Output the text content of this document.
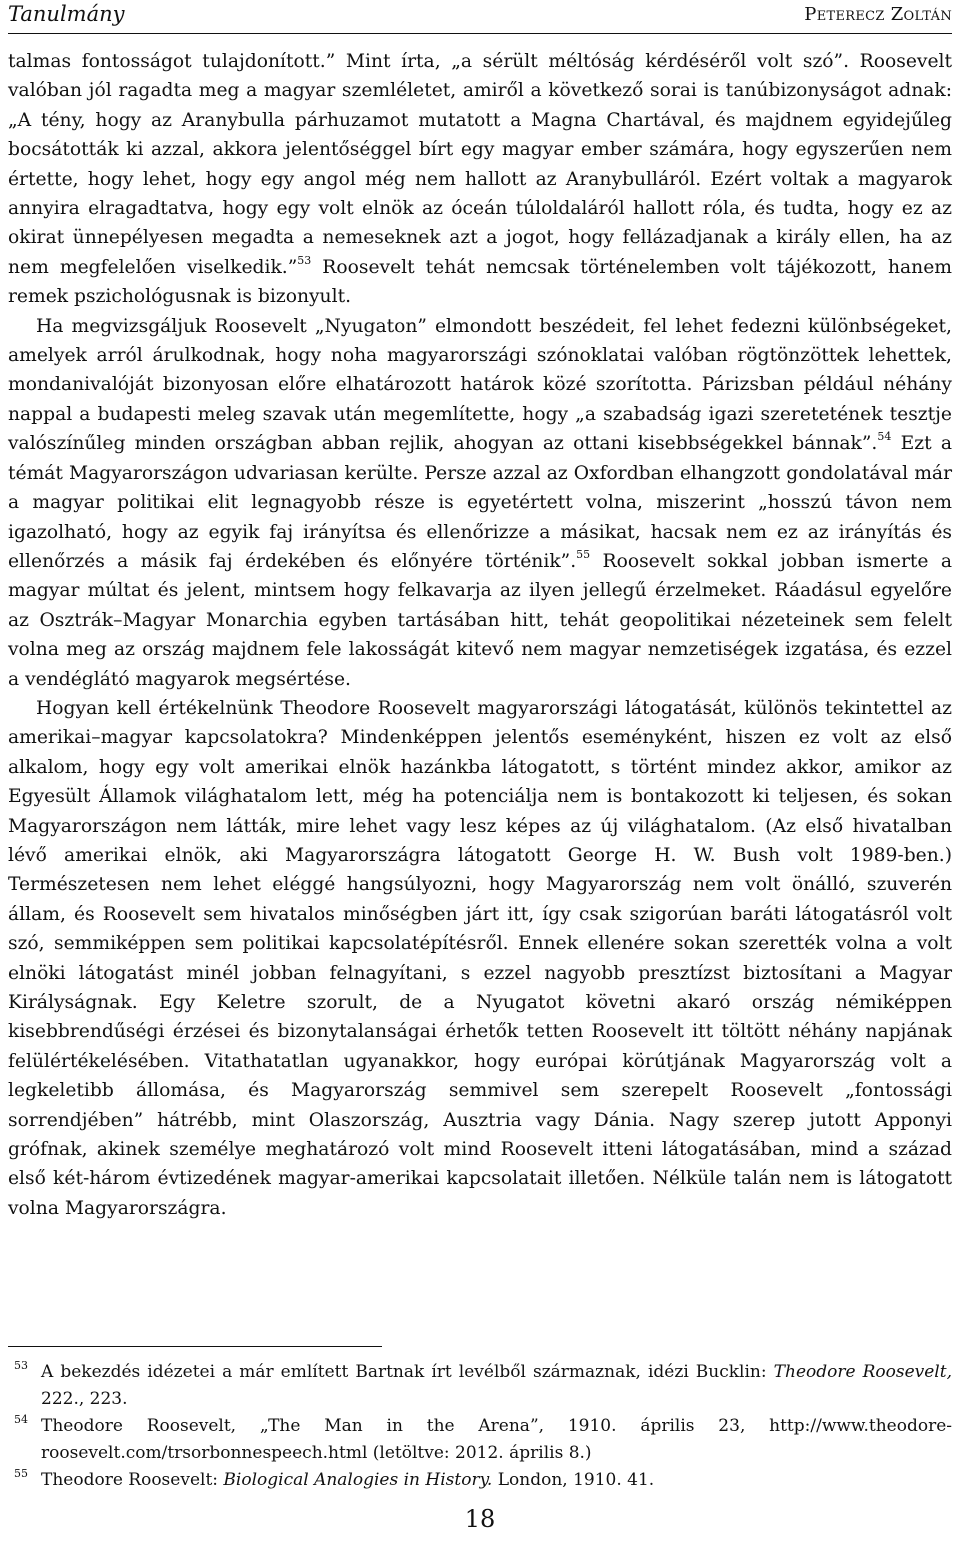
Tanulmány	Peterecz Zoltán

talmas fontosságot tulajdonított.” Mint írta, „a sérült méltóság kérdéséről volt szó”. Roosevelt valóban jól ragadta meg a magyar szemléletet, amiről a következő sorai is tanúbizonyságot adnak: „A tény, hogy az Aranybulla párhuzamot mutatott a Magna Chartával, és majdnem egyidejűleg bocsátották ki azzal, akkora jelentőséggel bírt egy magyar ember számára, hogy egyszerűen nem értette, hogy lehet, hogy egy angol még nem hallott az Aranybulláról. Ezért voltak a magyarok annyira elragadtatva, hogy egy volt elnök az óceán túloldaláról hallott róla, és tudta, hogy ez az okirat ünnepélyesen megadta a nemeseknek azt a jogot, hogy fellázadjanak a király ellen, ha az nem megfelelően viselkedik.”$^{53}$ Roosevelt tehát nemcsak történelemben volt tájékozott, hanem remek pszichológusnak is bizonyult.

Ha megvizsgáljuk Roosevelt „Nyugaton” elmondott beszédeit, fel lehet fedezni különbségeket, amelyek arról árulkodnak, hogy noha magyarországi szónoklatai valóban rögtönzöttek lehettek, mondanivalóját bizonyosan előre elhatározott határok közé szorította. Párizsban például néhány nappal a budapesti meleg szavak után megemlítette, hogy „a szabadság igazi szeretetének tesztje valószínűleg minden országban abban rejlik, ahogyan az ottani kisebbségekkel bánnak”.$^{54}$ Ezt a témát Magyarországon udvariasan kerülte. Persze azzal az Oxfordban elhangzott gondolatával már a magyar politikai elit legnagyobb része is egyetértett volna, miszerint „hosszú távon nem igazolható, hogy az egyik faj irányítsa és ellenőrizze a másikat, hacsak nem ez az irányítás és ellenőrzés a másik faj érdekében és előnyére történik”.$^{55}$ Roosevelt sokkal jobban ismerte a magyar múltat és jelent, mintsem hogy felkavarja az ilyen jellegű érzelmeket. Ráadásul egyelőre az Osztrák–Magyar Monarchia egyben tartásában hitt, tehát geopolitikai nézeteinek sem felelt volna meg az ország majdnem fele lakosságát kitevő nem magyar nemzetiségek izgatása, és ezzel a vendéglátó magyarok megsértése.

Hogyan kell értékelnünk Theodore Roosevelt magyarországi látogatását, különös tekintettel az amerikai–magyar kapcsolatokra? Mindenképpen jelentős eseményként, hiszen ez volt az első alkalom, hogy egy volt amerikai elnök hazánkba látogatott, s történt mindez akkor, amikor az Egyesült Államok világhatalom lett, még ha potenciálja nem is bontakozott ki teljesen, és sokan Magyarországon nem látták, mire lehet vagy lesz képes az új világhatalom. (Az első hivatalban lévő amerikai elnök, aki Magyarországra látogatott George H. W. Bush volt 1989-ben.) Természetesen nem lehet eléggé hangsúlyozni, hogy Magyarország nem volt önálló, szuverén állam, és Roosevelt sem hivatalos minőségben járt itt, így csak szigorúan baráti látogatásról volt szó, semmiképpen sem politikai kapcsolatépítésről. Ennek ellenére sokan szerették volna a volt elnöki látogatást minél jobban felnagyítani, s ezzel nagyobb presztízst biztosítani a Magyar Királyságnak. Egy Keletre szorult, de a Nyugatot követni akaró ország némiképpen kisebbrendűségi érzései és bizonytalanságai érhetők tetten Roosevelt itt töltött néhány napjának felülértékelésében. Vitathatatlan ugyanakkor, hogy európai körútjának Magyarország volt a legkeletibb állomása, és Magyarország semmivel sem szerepelt Roosevelt „fontossági sorrendjében” hátrébb, mint Olaszország, Ausztria vagy Dánia. Nagy szerep jutott Apponyi grófnak, akinek személye meghatározó volt mind Roosevelt itteni látogatásában, mind a század első két-három évtizedének magyar-amerikai kapcsolatait illetően. Nélküle talán nem is látogatott volna Magyarországra.

53 A bekezdés idézetei a már említett Bartnak írt levélből származnak, idézi Bucklin: Theodore Roosevelt, 222., 223.
54 Theodore Roosevelt, „The Man in the Arena”, 1910. április 23, http://www.theodore-roosevelt.com/trsorbonnespeech.html (letöltve: 2012. április 8.)
55 Theodore Roosevelt: Biological Analogies in History. London, 1910. 41.
18
